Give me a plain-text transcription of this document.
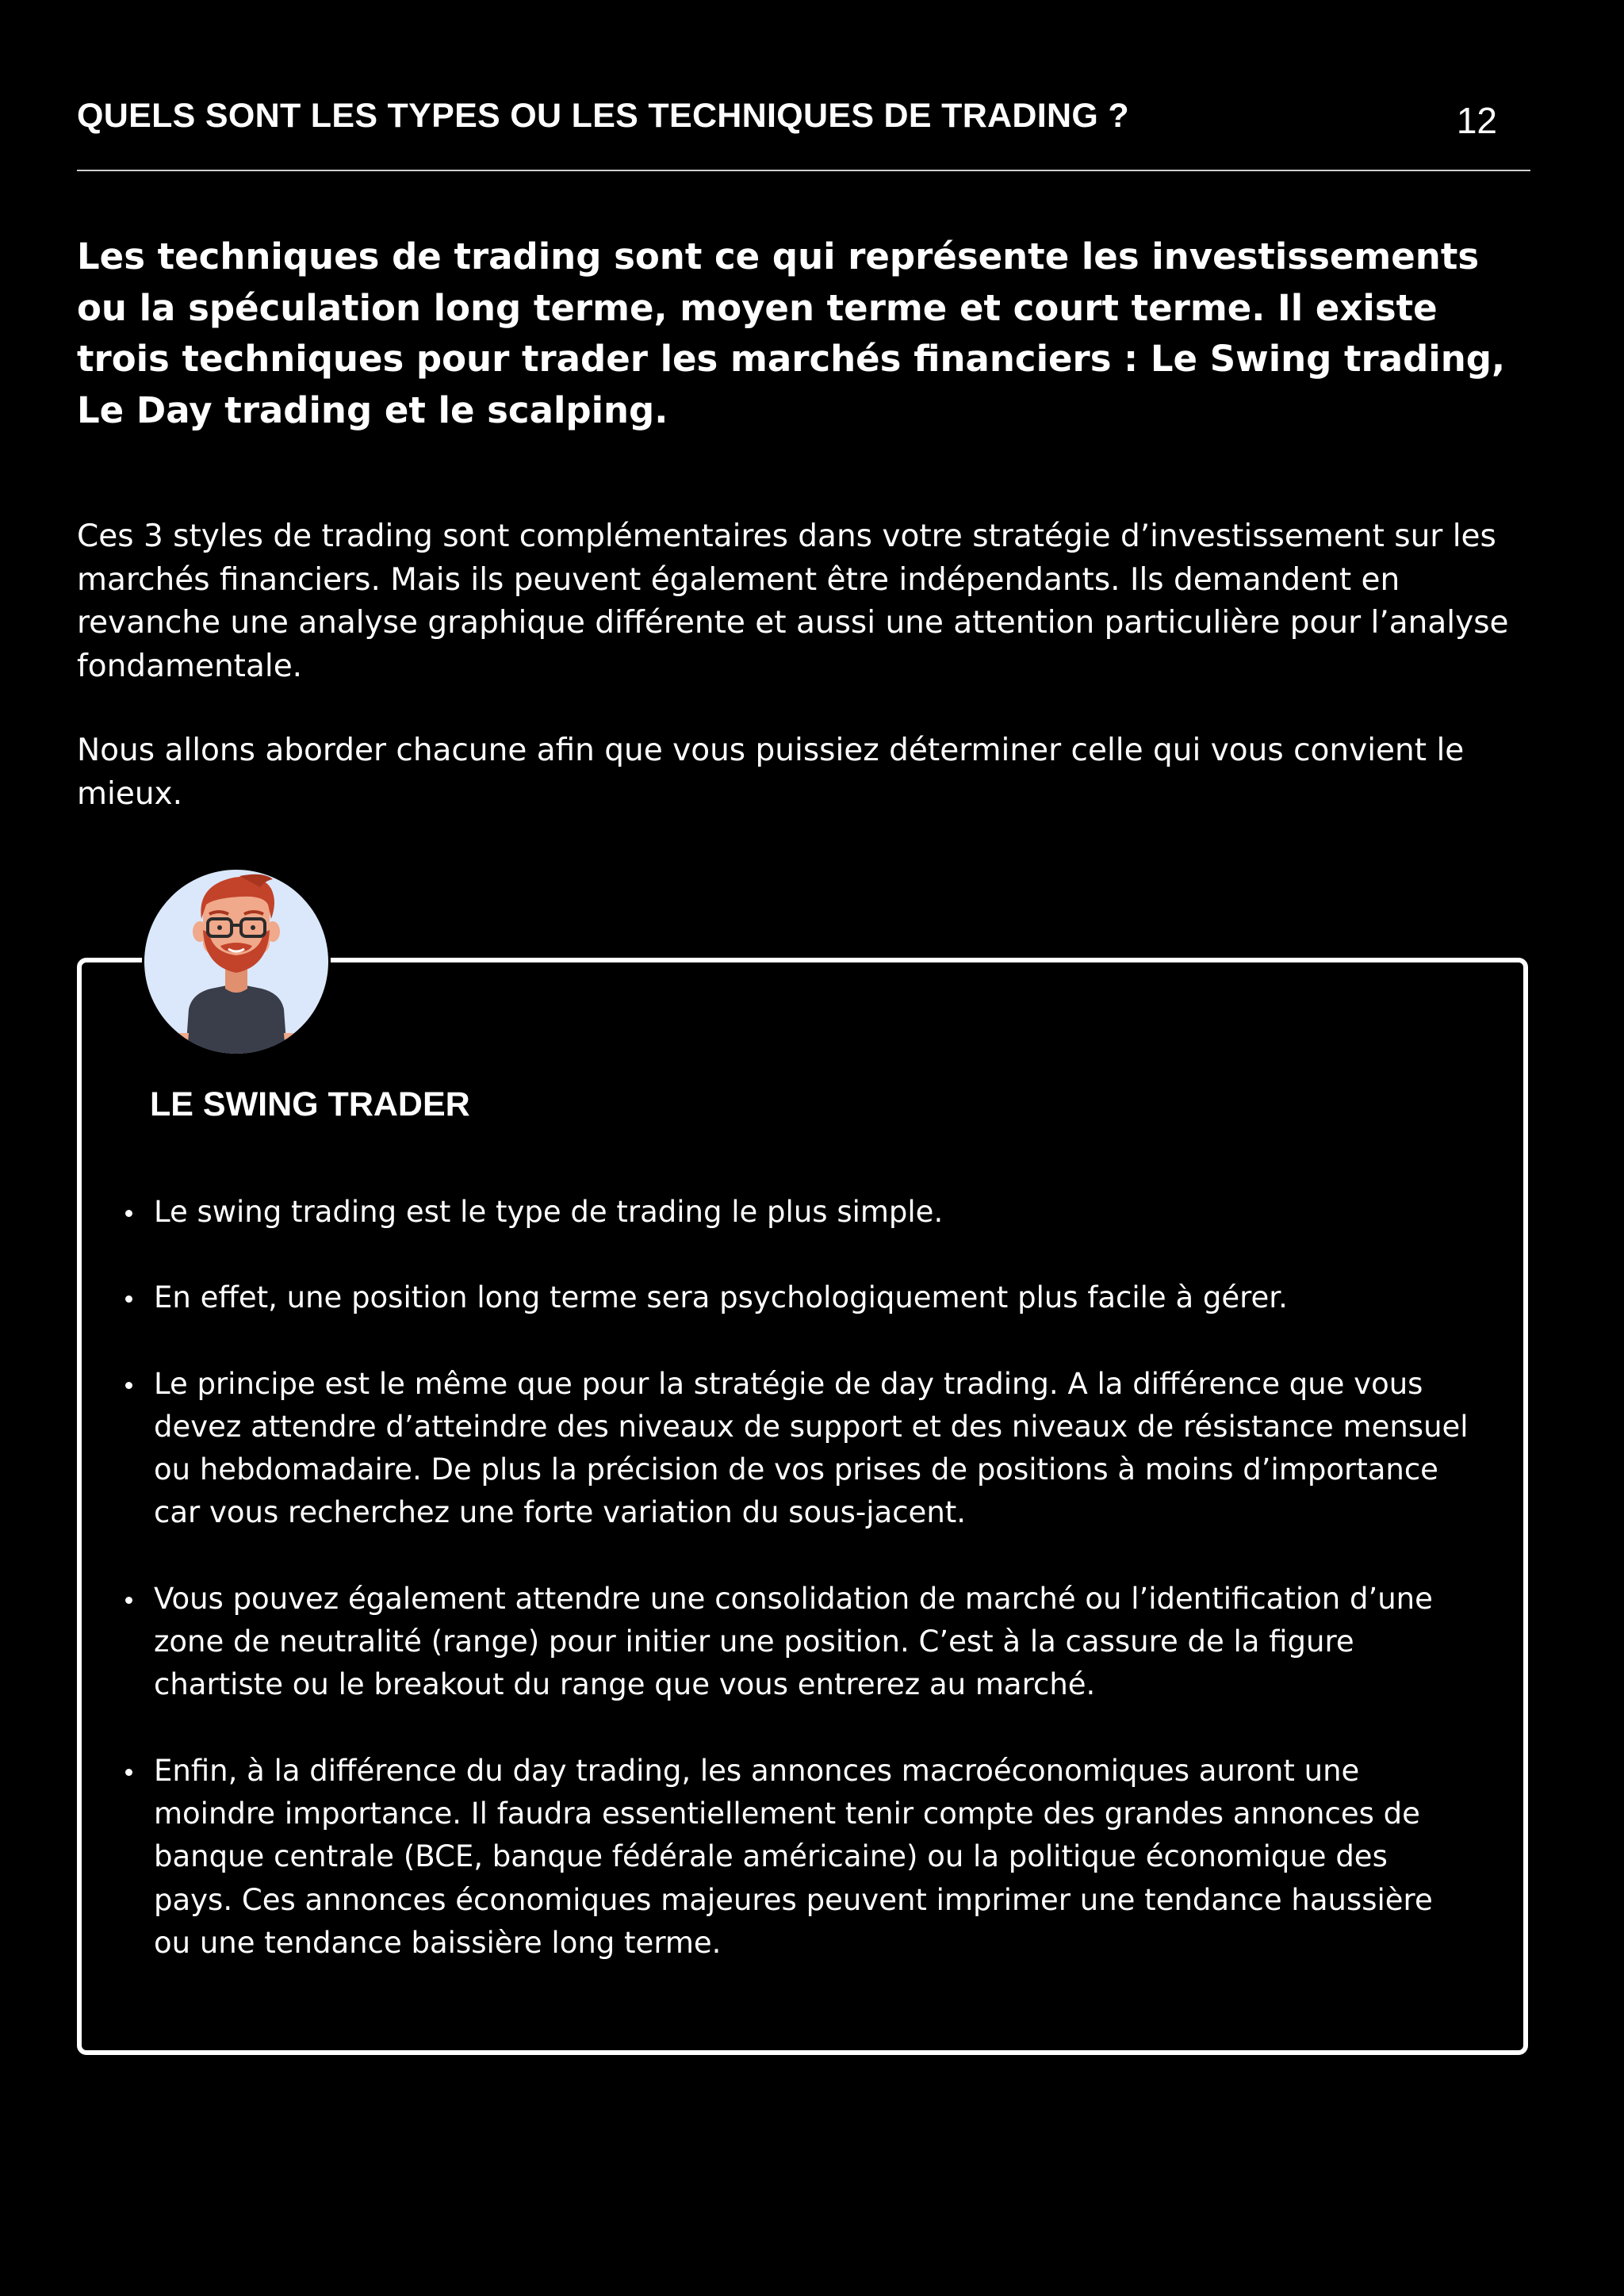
QUELS SONT LES TYPES OU LES TECHNIQUES DE TRADING ?	12

Les techniques de trading sont ce qui représente les investissements ou la spéculation long terme, moyen terme et court terme. Il existe trois techniques pour trader les marchés financiers : Le Swing trading, Le Day trading et le scalping.

Ces 3 styles de trading sont complémentaires dans votre stratégie d’investissement sur les marchés financiers. Mais ils peuvent également être indépendants. Ils demandent en revanche une analyse graphique différente et aussi une attention particulière pour l’analyse fondamentale.

Nous allons aborder chacune afin que vous puissiez déterminer celle qui vous convient le mieux.

LE SWING TRADER
Le swing trading est le type de trading le plus simple.
En effet, une position long terme sera psychologiquement plus facile à gérer.
Le principe est le même que pour la stratégie de day trading. A la différence que vous devez attendre d’atteindre des niveaux de support et des niveaux de résistance mensuel ou hebdomadaire. De plus la précision de vos prises de positions à moins d’importance car vous recherchez une forte variation du sous-jacent.
Vous pouvez également attendre une consolidation de marché ou l’identification d’une zone de neutralité (range) pour initier une position. C’est à la cassure de la figure chartiste ou le breakout du range que vous entrerez au marché.
Enfin, à la différence du day trading, les annonces macroéconomiques auront une moindre importance. Il faudra essentiellement tenir compte des grandes annonces de banque centrale (BCE, banque fédérale américaine) ou la politique économique des pays. Ces annonces économiques majeures peuvent imprimer une tendance haussière ou une tendance baissière long terme.
